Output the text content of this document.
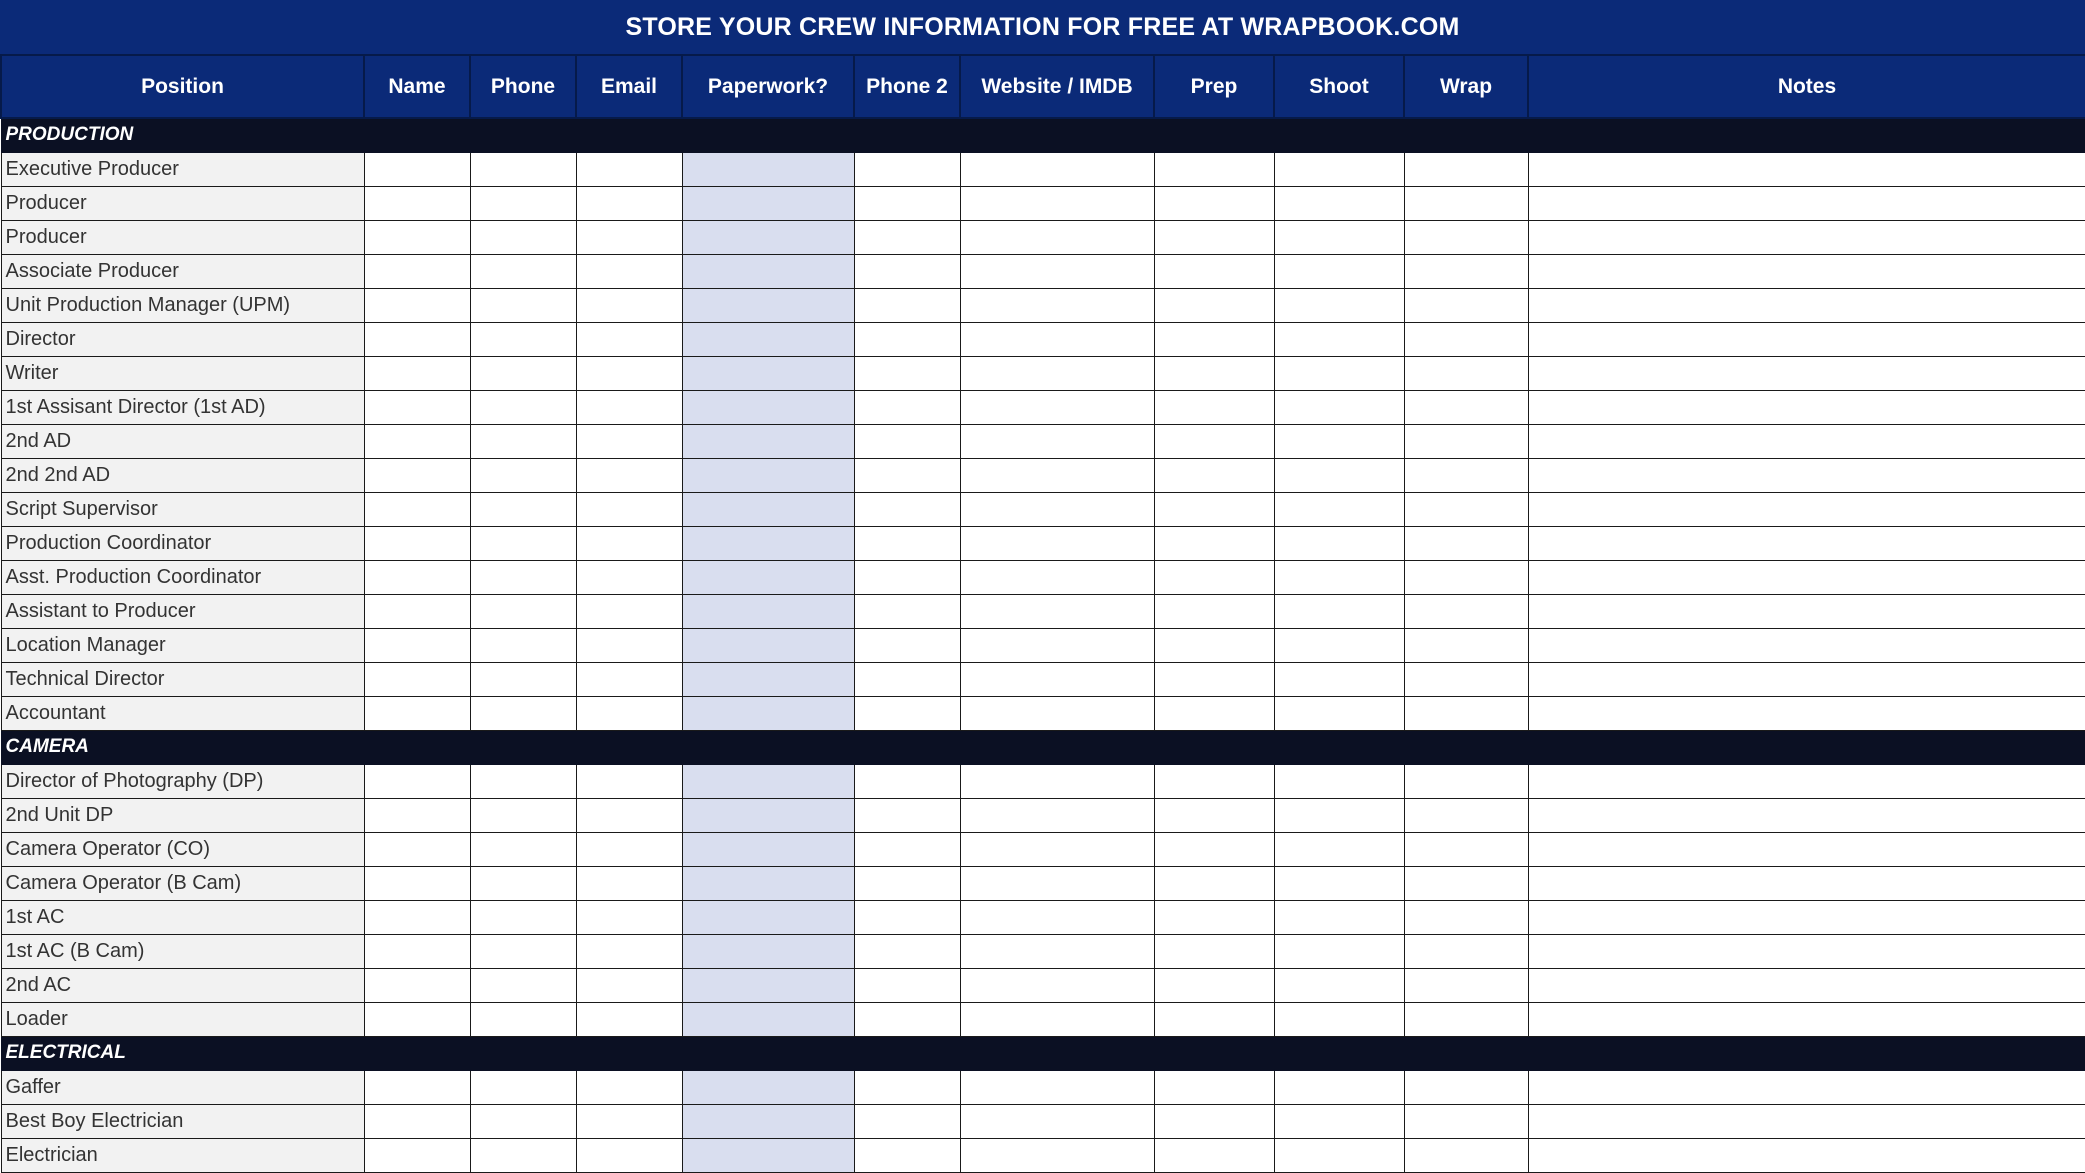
STORE YOUR CREW INFORMATION FOR FREE AT WRAPBOOK.COM
Position	Name	Phone	Email	Paperwork?	Phone 2	Website / IMDB	Prep	Shoot	Wrap	Notes
PRODUCTION										
Executive Producer										
Producer										
Producer										
Associate Producer										
Unit Production Manager (UPM)										
Director										
Writer										
1st Assisant Director (1st AD)										
2nd AD										
2nd 2nd AD										
Script Supervisor										
Production Coordinator										
Asst. Production Coordinator										
Assistant to Producer										
Location Manager										
Technical Director										
Accountant										
CAMERA										
Director of Photography (DP)										
2nd Unit DP										
Camera Operator (CO)										
Camera Operator (B Cam)										
1st AC										
1st AC (B Cam)										
2nd AC										
Loader										
ELECTRICAL										
Gaffer										
Best Boy Electrician										
Electrician										
